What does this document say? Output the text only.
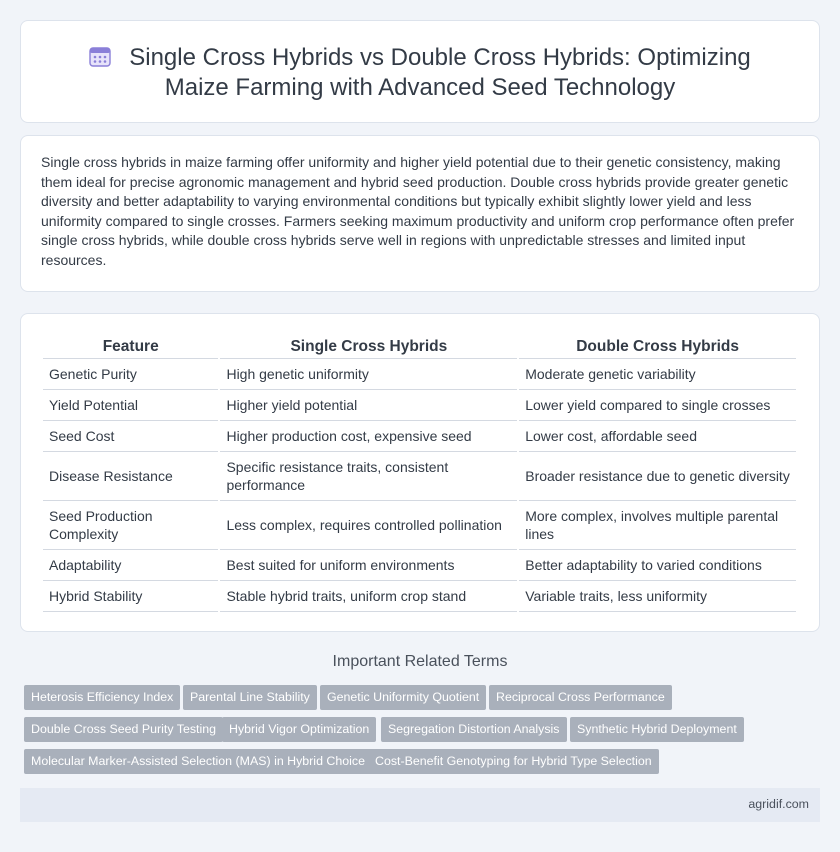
Single Cross Hybrids vs Double Cross Hybrids: Optimizing Maize Farming with Advanced Seed Technology

Single cross hybrids in maize farming offer uniformity and higher yield potential due to their genetic consistency, making them ideal for precise agronomic management and hybrid seed production. Double cross hybrids provide greater genetic diversity and better adaptability to varying environmental conditions but typically exhibit slightly lower yield and less uniformity compared to single crosses. Farmers seeking maximum productivity and uniform crop performance often prefer single cross hybrids, while double cross hybrids serve well in regions with unpredictable stresses and limited input resources.

Feature	Single Cross Hybrids	Double Cross Hybrids
Genetic Purity	High genetic uniformity	Moderate genetic variability
Yield Potential	Higher yield potential	Lower yield compared to single crosses
Seed Cost	Higher production cost, expensive seed	Lower cost, affordable seed
Disease Resistance	Specific resistance traits, consistent performance	Broader resistance due to genetic diversity
Seed Production Complexity	Less complex, requires controlled pollination	More complex, involves multiple parental lines
Adaptability	Best suited for uniform environments	Better adaptability to varied conditions
Hybrid Stability	Stable hybrid traits, uniform crop stand	Variable traits, less uniformity
Important Related Terms
Heterosis Efficiency Index	Parental Line Stability	Genetic Uniformity Quotient	Reciprocal Cross Performance
Double Cross Seed Purity Testing	Hybrid Vigor Optimization	Segregation Distortion Analysis	Synthetic Hybrid Deployment
Molecular Marker-Assisted Selection (MAS) in Hybrid Choice Cost-Benefit Genotyping for Hybrid Type Selection
agridif.com
